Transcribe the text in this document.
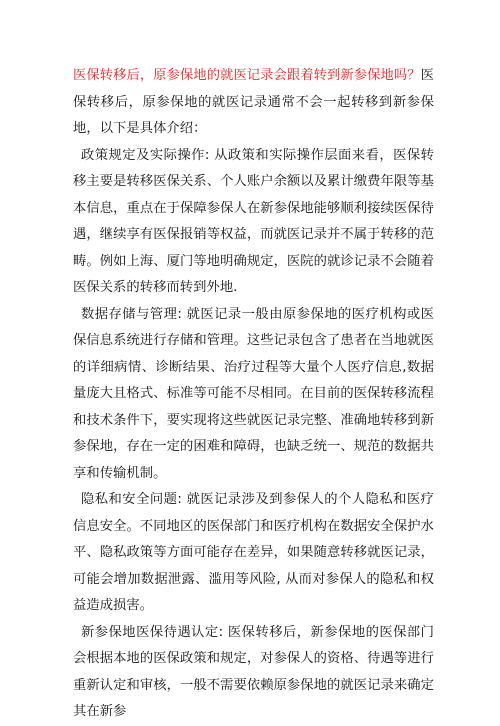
医保转移后，原参保地的就医记录会跟着转到新参保地吗？医保转移后，原参保地的就医记录通常不会一起转移到新参保地，以下是具体介绍：

政策规定及实际操作: 从政策和实际操作层面来看，医保转移主要是转移医保关系、个人账户余额以及累计缴费年限等基本信息，重点在于保障参保人在新参保地能够顺利接续医保待遇，继续享有医保报销等权益，而就医记录并不属于转移的范畴。例如上海、厦门等地明确规定，医院的就诊记录不会随着医保关系的转移而转到外地.

数据存储与管理: 就医记录一般由原参保地的医疗机构或医保信息系统进行存储和管理。这些记录包含了患者在当地就医的详细病情、诊断结果、治疗过程等大量个人医疗信息,数据量庞大且格式、标准等可能不尽相同。在目前的医保转移流程和技术条件下，要实现将这些就医记录完整、准确地转移到新参保地，存在一定的困难和障碍，也缺乏统一、规范的数据共享和传输机制。

隐私和安全问题: 就医记录涉及到参保人的个人隐私和医疗信息安全。不同地区的医保部门和医疗机构在数据安全保护水平、隐私政策等方面可能存在差异，如果随意转移就医记录，可能会增加数据泄露、滥用等风险, 从而对参保人的隐私和权益造成损害。

新参保地医保待遇认定: 医保转移后，新参保地的医保部门会根据本地的医保政策和规定，对参保人的资格、待遇等进行重新认定和审核，一般不需要依赖原参保地的就医记录来确定其在新参
